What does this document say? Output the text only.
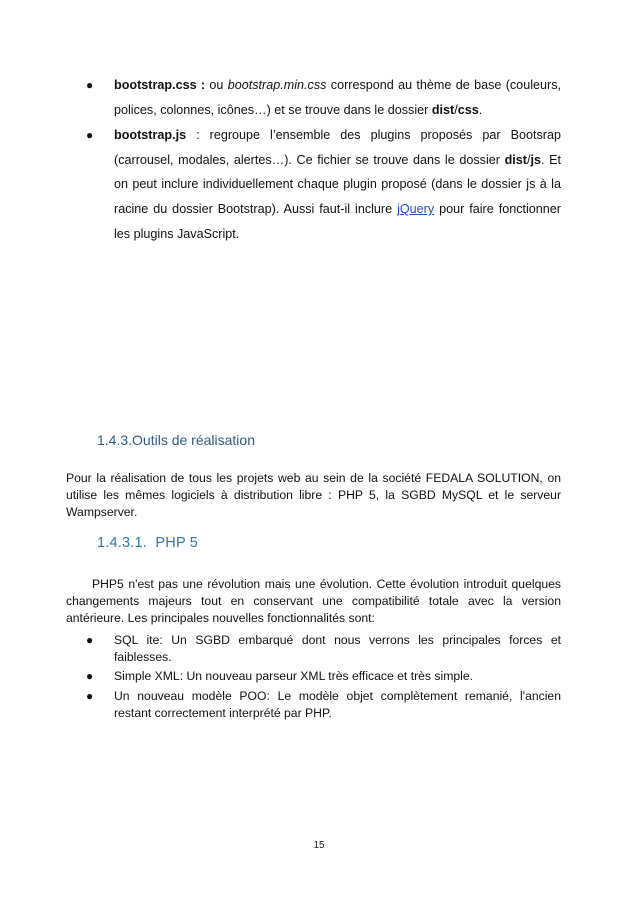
● bootstrap.css : ou bootstrap.min.css correspond au thème de base (couleurs, polices, colonnes, icônes…) et se trouve dans le dossier dist/css.
● bootstrap.js : regroupe l’ensemble des plugins proposés par Bootsrap (carrousel, modales, alertes…). Ce fichier se trouve dans le dossier dist/js. Et on peut inclure individuellement chaque plugin proposé (dans le dossier js à la racine du dossier Bootstrap). Aussi faut-il inclure jQuery pour faire fonctionner les plugins JavaScript.
1.4.3.Outils de réalisation

Pour la réalisation de tous les projets web au sein de la société FEDALA SOLUTION, on utilise les mêmes logiciels à distribution libre : PHP 5, la SGBD MySQL et le serveur Wampserver.

1.4.3.1.  PHP 5

PHP5 n'est pas une révolution mais une évolution. Cette évolution introduit quelques changements majeurs tout en conservant une compatibilité totale avec la version antérieure. Les principales nouvelles fonctionnalités sont:

● SQL ite: Un SGBD embarqué dont nous verrons les principales forces et faiblesses.
● Simple XML: Un nouveau parseur XML très efficace et très simple.
● Un nouveau modèle POO: Le modèle objet complètement remanié, l'ancien restant correctement interprété par PHP.
15
